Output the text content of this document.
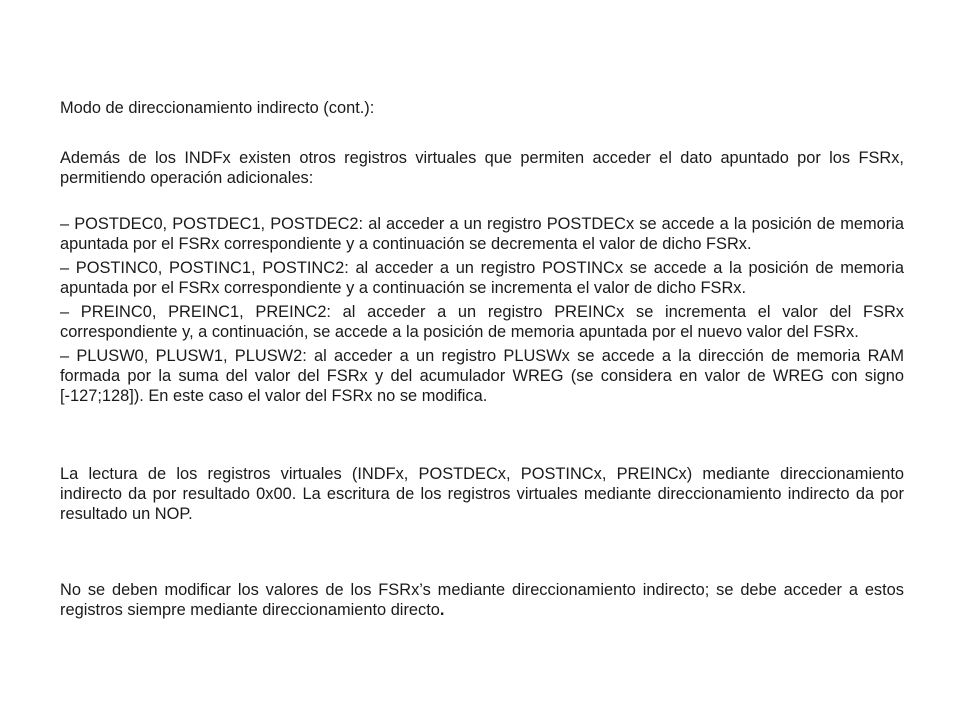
Modo de direccionamiento indirecto (cont.):

Además de los INDFx existen otros registros virtuales que permiten acceder el dato apuntado por los FSRx, permitiendo operación adicionales:

– POSTDEC0, POSTDEC1, POSTDEC2: al acceder a un registro POSTDECx se accede a la posición de memoria apuntada por el FSRx correspondiente y a continuación se decrementa el valor de dicho FSRx.
– POSTINC0, POSTINC1, POSTINC2: al acceder a un registro POSTINCx se accede a la posición de memoria apuntada por el FSRx correspondiente y a continuación se incrementa el valor de dicho FSRx.
– PREINC0, PREINC1, PREINC2: al acceder a un registro PREINCx se incrementa el valor del FSRx correspondiente y, a continuación, se accede a la posición de memoria apuntada por el nuevo valor del FSRx.
– PLUSW0, PLUSW1, PLUSW2: al acceder a un registro PLUSWx se accede a la dirección de memoria RAM formada por la suma del valor del FSRx y del acumulador WREG (se considera en valor de WREG con signo [-127;128]). En este caso el valor del FSRx no se modifica.

La lectura de los registros virtuales (INDFx, POSTDECx, POSTINCx, PREINCx) mediante direccionamiento indirecto da por resultado 0x00. La escritura de los registros virtuales mediante direccionamiento indirecto da por resultado un NOP.

No se deben modificar los valores de los FSRx’s mediante direccionamiento indirecto; se debe acceder a estos registros siempre mediante direccionamiento directo.
